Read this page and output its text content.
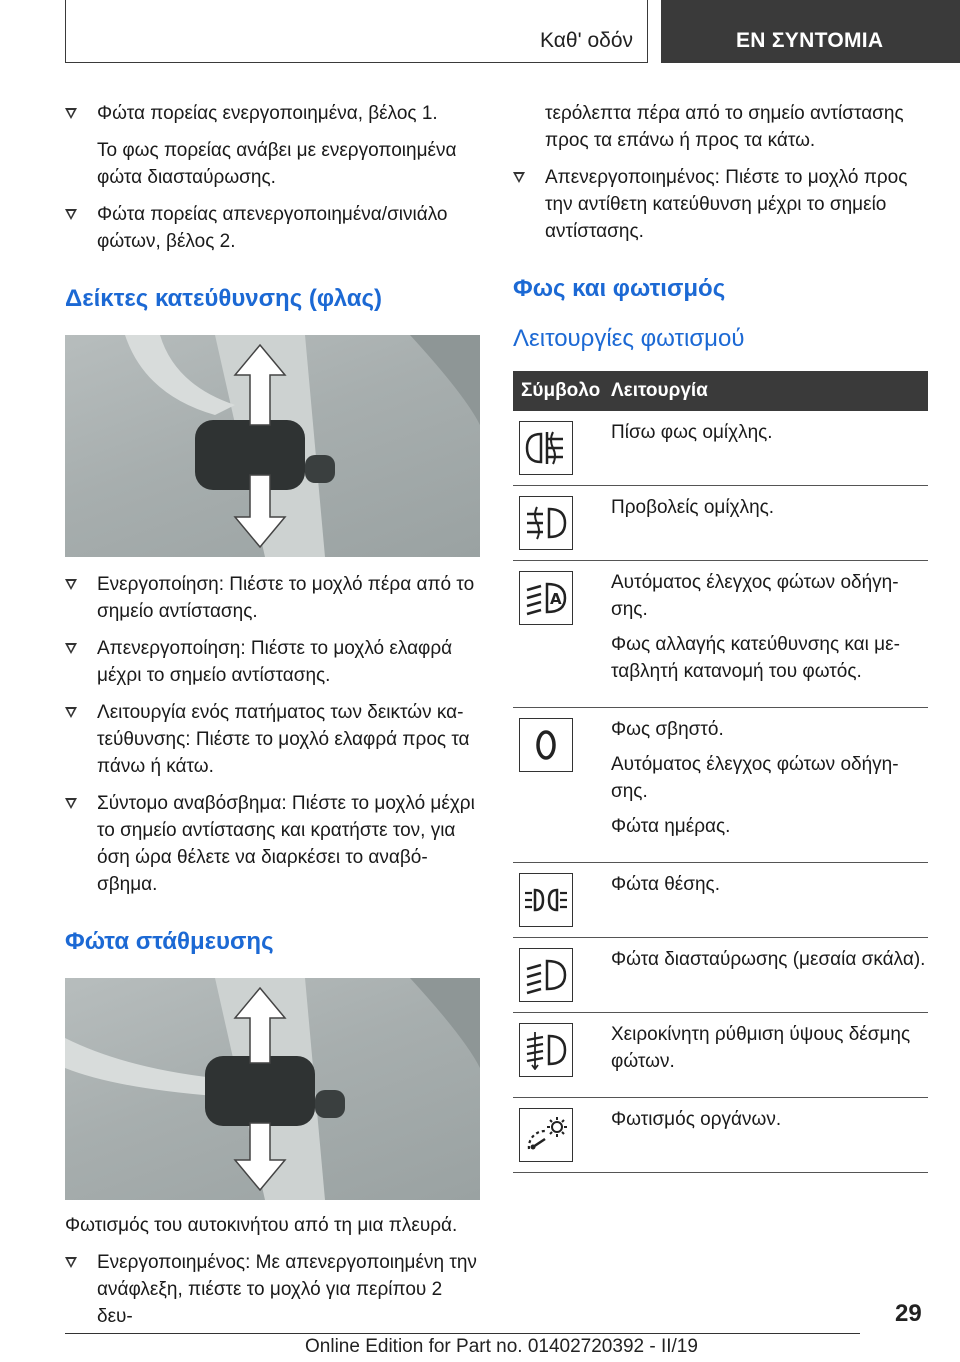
Καθ' οδόν	ΕΝ ΣΥΝΤΟΜΙΑ
Φώτα πορείας ενεργοποιημένα, βέλος 1.
Το φως πορείας ανάβει με ενεργοποιημένα φώτα διασταύρωσης.
Φώτα πορείας απενεργοποιημένα/σινιάλο φώτων, βέλος 2.
Δείκτες κατεύθυνσης (φλας)
Ενεργοποίηση: Πιέστε το μοχλό πέρα από το σημείο αντίστασης.
Απενεργοποίηση: Πιέστε το μοχλό ελαφρά μέχρι το σημείο αντίστασης.
Λειτουργία ενός πατήματος των δεικτών κατεύθυνσης: Πιέστε το μοχλό ελαφρά προς τα πάνω ή κάτω.
Σύντομο αναβόσβημα: Πιέστε το μοχλό μέχρι το σημείο αντίστασης και κρατήστε τον, για όση ώρα θέλετε να διαρκέσει το αναβόσβημα.
Φώτα στάθμευσης
Φωτισμός του αυτοκινήτου από τη μια πλευρά.
Ενεργοποιημένος: Με απενεργοποιημένη την ανάφλεξη, πιέστε το μοχλό για περίπου 2 δευ-
τερόλεπτα πέρα από το σημείο αντίστασης προς τα επάνω ή προς τα κάτω.
Απενεργοποιημένος: Πιέστε το μοχλό προς την αντίθετη κατεύθυνση μέχρι το σημείο αντίστασης.
Φως και φωτισμός
Λειτουργίες φωτισμού
Σύμβολο Λειτουργία

Πίσω φως ομίχλης.

Προβολείς ομίχλης.

A

Αυτόματος έλεγχος φώτων οδήγησης.

Φως αλλαγής κατεύθυνσης και μεταβλητή κατανομή του φωτός.

Φως σβηστό.

Αυτόματος έλεγχος φώτων οδήγησης.

Φώτα ημέρας.

Φώτα θέσης.

Φώτα διασταύρωσης (μεσαία σκάλα).

Χειροκίνητη ρύθμιση ύψους δέσμης φώτων.

Φωτισμός οργάνων.

29
Online Edition for Part no. 01402720392 - II/19
